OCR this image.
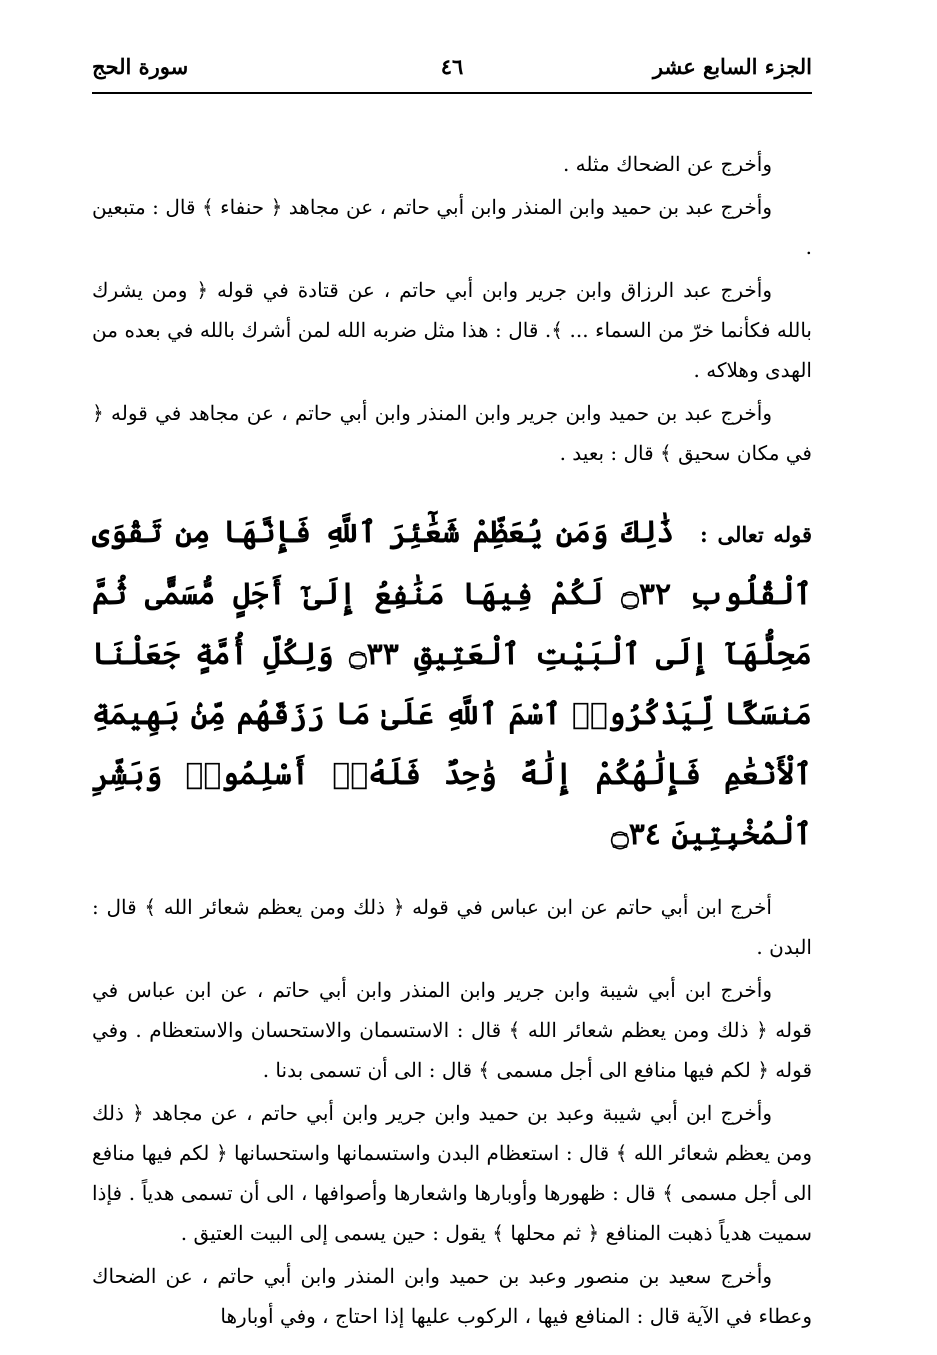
الجزء السابع عشر
٤٦
سورة الحج

وأخرج عن الضحاك مثله .

وأخرج عبد بن حميد وابن المنذر وابن أبي حاتم ، عن مجاهد ﴿ حنفاء ﴾ قال : متبعين .

وأخرج عبد الرزاق وابن جرير وابن أبي حاتم ، عن قتادة في قوله ﴿ ومن يشرك بالله فكأنما خرّ من السماء ... ﴾. قال : هذا مثل ضربه الله لمن أشرك بالله في بعده من الهدى وهلاكه .

وأخرج عبد بن حميد وابن جرير وابن المنذر وابن أبي حاتم ، عن مجاهد في قوله ﴿ في مكان سحيق ﴾ قال : بعيد .

قوله تعالى : ذَٰلِكَ وَمَن يُعَظِّمْ شَعَٰٓئِرَ ٱللَّهِ فَإِنَّهَا مِن تَقْوَى ٱلْقُلُوبِ ۝٣٢ لَكُمْ فِيهَا مَنَٰفِعُ إِلَىٰٓ أَجَلٍ مُّسَمًّى ثُمَّ مَحِلُّهَآ إِلَى ٱلْبَيْتِ ٱلْعَتِيقِ ۝٣٣ وَلِكُلِّ أُمَّةٍ جَعَلْنَا مَنسَكًا لِّيَذْكُرُوا۟ ٱسْمَ ٱللَّهِ عَلَىٰ مَا رَزَقَهُم مِّنۢ بَهِيمَةِ ٱلْأَنْعَٰمِ فَإِلَٰهُكُمْ إِلَٰهٌ وَٰحِدٌ فَلَهُۥٓ أَسْلِمُوا۟ وَبَشِّرِ ٱلْمُخْبِتِينَ ۝٣٤

أخرج ابن أبي حاتم عن ابن عباس في قوله ﴿ ذلك ومن يعظم شعائر الله ﴾ قال : البدن .

وأخرج ابن أبي شيبة وابن جرير وابن المنذر وابن أبي حاتم ، عن ابن عباس في قوله ﴿ ذلك ومن يعظم شعائر الله ﴾ قال : الاستسمان والاستحسان والاستعظام . وفي قوله ﴿ لكم فيها منافع الى أجل مسمى ﴾ قال : الى أن تسمى بدنا .

وأخرج ابن أبي شيبة وعبد بن حميد وابن جرير وابن أبي حاتم ، عن مجاهد ﴿ ذلك ومن يعظم شعائر الله ﴾ قال : استعظام البدن واستسمانها واستحسانها ﴿ لكم فيها منافع الى أجل مسمى ﴾ قال : ظهورها وأوبارها واشعارها وأصوافها ، الى أن تسمى هدياً . فإذا سميت هدياً ذهبت المنافع ﴿ ثم محلها ﴾ يقول : حين يسمى إلى البيت العتيق .

وأخرج سعيد بن منصور وعبد بن حميد وابن المنذر وابن أبي حاتم ، عن الضحاك وعطاء في الآية قال : المنافع فيها ، الركوب عليها إذا احتاج ، وفي أوبارها
